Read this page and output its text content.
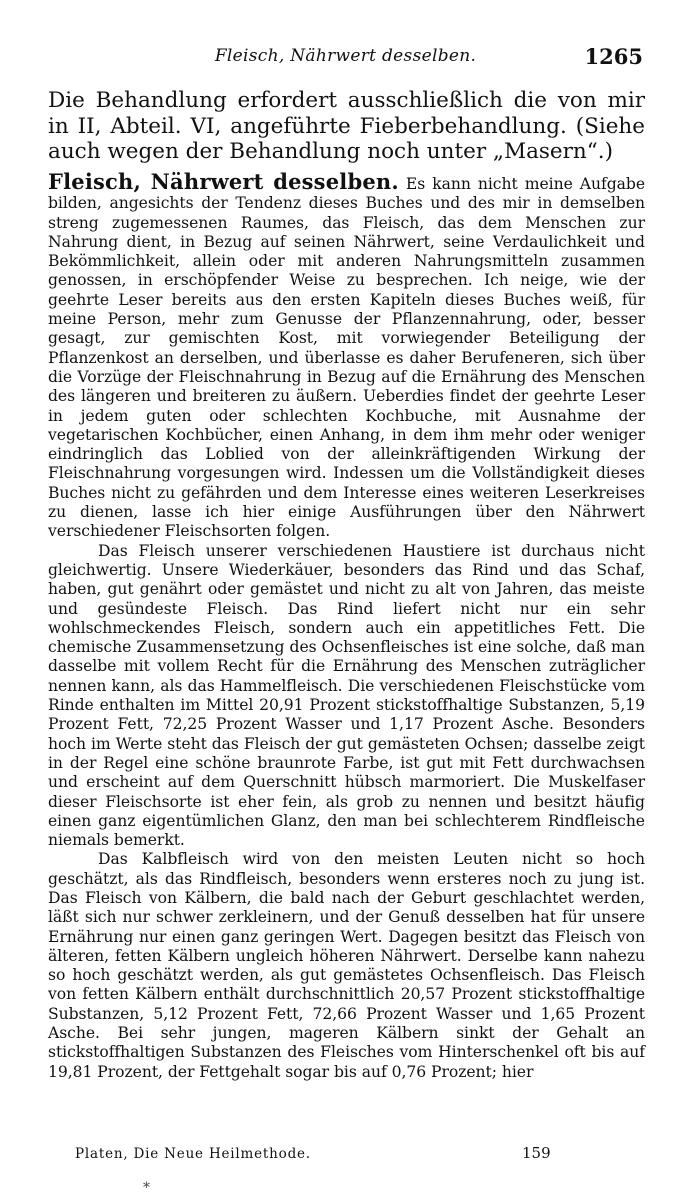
Fleisch, Nährwert desselben.	1265
Die Behandlung erfordert ausschließlich die von mir in II, Abteil. VI, angeführte Fieberbehandlung. (Siehe auch wegen der Behandlung noch unter „Masern“.)

Fleisch, Nährwert desselben. Es kann nicht meine Aufgabe bilden, angesichts der Tendenz dieses Buches und des mir in demselben streng zugemessenen Raumes, das Fleisch, das dem Menschen zur Nahrung dient, in Bezug auf seinen Nährwert, seine Verdaulichkeit und Bekömmlichkeit, allein oder mit anderen Nahrungsmitteln zusammen genossen, in erschöpfender Weise zu besprechen. Ich neige, wie der geehrte Leser bereits aus den ersten Kapiteln dieses Buches weiß, für meine Person, mehr zum Genusse der Pflanzennahrung, oder, besser gesagt, zur gemischten Kost, mit vorwiegender Beteiligung der Pflanzenkost an derselben, und überlasse es daher Berufeneren, sich über die Vorzüge der Fleischnahrung in Bezug auf die Ernährung des Menschen des längeren und breiteren zu äußern. Ueberdies findet der geehrte Leser in jedem guten oder schlechten Kochbuche, mit Ausnahme der vegetarischen Kochbücher, einen Anhang, in dem ihm mehr oder weniger eindringlich das Loblied von der alleinkräftigenden Wirkung der Fleischnahrung vorgesungen wird. Indessen um die Vollständigkeit dieses Buches nicht zu gefährden und dem Interesse eines weiteren Leserkreises zu dienen, lasse ich hier einige Ausführungen über den Nährwert verschiedener Fleischsorten folgen.

Das Fleisch unserer verschiedenen Haustiere ist durchaus nicht gleichwertig. Unsere Wiederkäuer, besonders das Rind und das Schaf, haben, gut genährt oder gemästet und nicht zu alt von Jahren, das meiste und gesündeste Fleisch. Das Rind liefert nicht nur ein sehr wohlschmeckendes Fleisch, sondern auch ein appetitliches Fett. Die chemische Zusammensetzung des Ochsenfleisches ist eine solche, daß man dasselbe mit vollem Recht für die Ernährung des Menschen zuträglicher nennen kann, als das Hammelfleisch. Die verschiedenen Fleischstücke vom Rinde enthalten im Mittel 20,91 Prozent stickstoffhaltige Substanzen, 5,19 Prozent Fett, 72,25 Prozent Wasser und 1,17 Prozent Asche. Besonders hoch im Werte steht das Fleisch der gut gemästeten Ochsen; dasselbe zeigt in der Regel eine schöne braunrote Farbe, ist gut mit Fett durchwachsen und erscheint auf dem Querschnitt hübsch marmoriert. Die Muskelfaser dieser Fleischsorte ist eher fein, als grob zu nennen und besitzt häufig einen ganz eigentümlichen Glanz, den man bei schlechterem Rindfleische niemals bemerkt.

Das Kalbfleisch wird von den meisten Leuten nicht so hoch geschätzt, als das Rindfleisch, besonders wenn ersteres noch zu jung ist. Das Fleisch von Kälbern, die bald nach der Geburt geschlachtet werden, läßt sich nur schwer zerkleinern, und der Genuß desselben hat für unsere Ernährung nur einen ganz geringen Wert. Dagegen besitzt das Fleisch von älteren, fetten Kälbern ungleich höheren Nährwert. Derselbe kann nahezu so hoch geschätzt werden, als gut gemästetes Ochsenfleisch. Das Fleisch von fetten Kälbern enthält durchschnittlich 20,57 Prozent stickstoffhaltige Substanzen, 5,12 Prozent Fett, 72,66 Prozent Wasser und 1,65 Prozent Asche. Bei sehr jungen, mageren Kälbern sinkt der Gehalt an stickstoffhaltigen Substanzen des Fleisches vom Hinterschenkel oft bis auf 19,81 Prozent, der Fettgehalt sogar bis auf 0,76 Prozent; hier

Platen, Die Neue Heilmethode.	159
*
